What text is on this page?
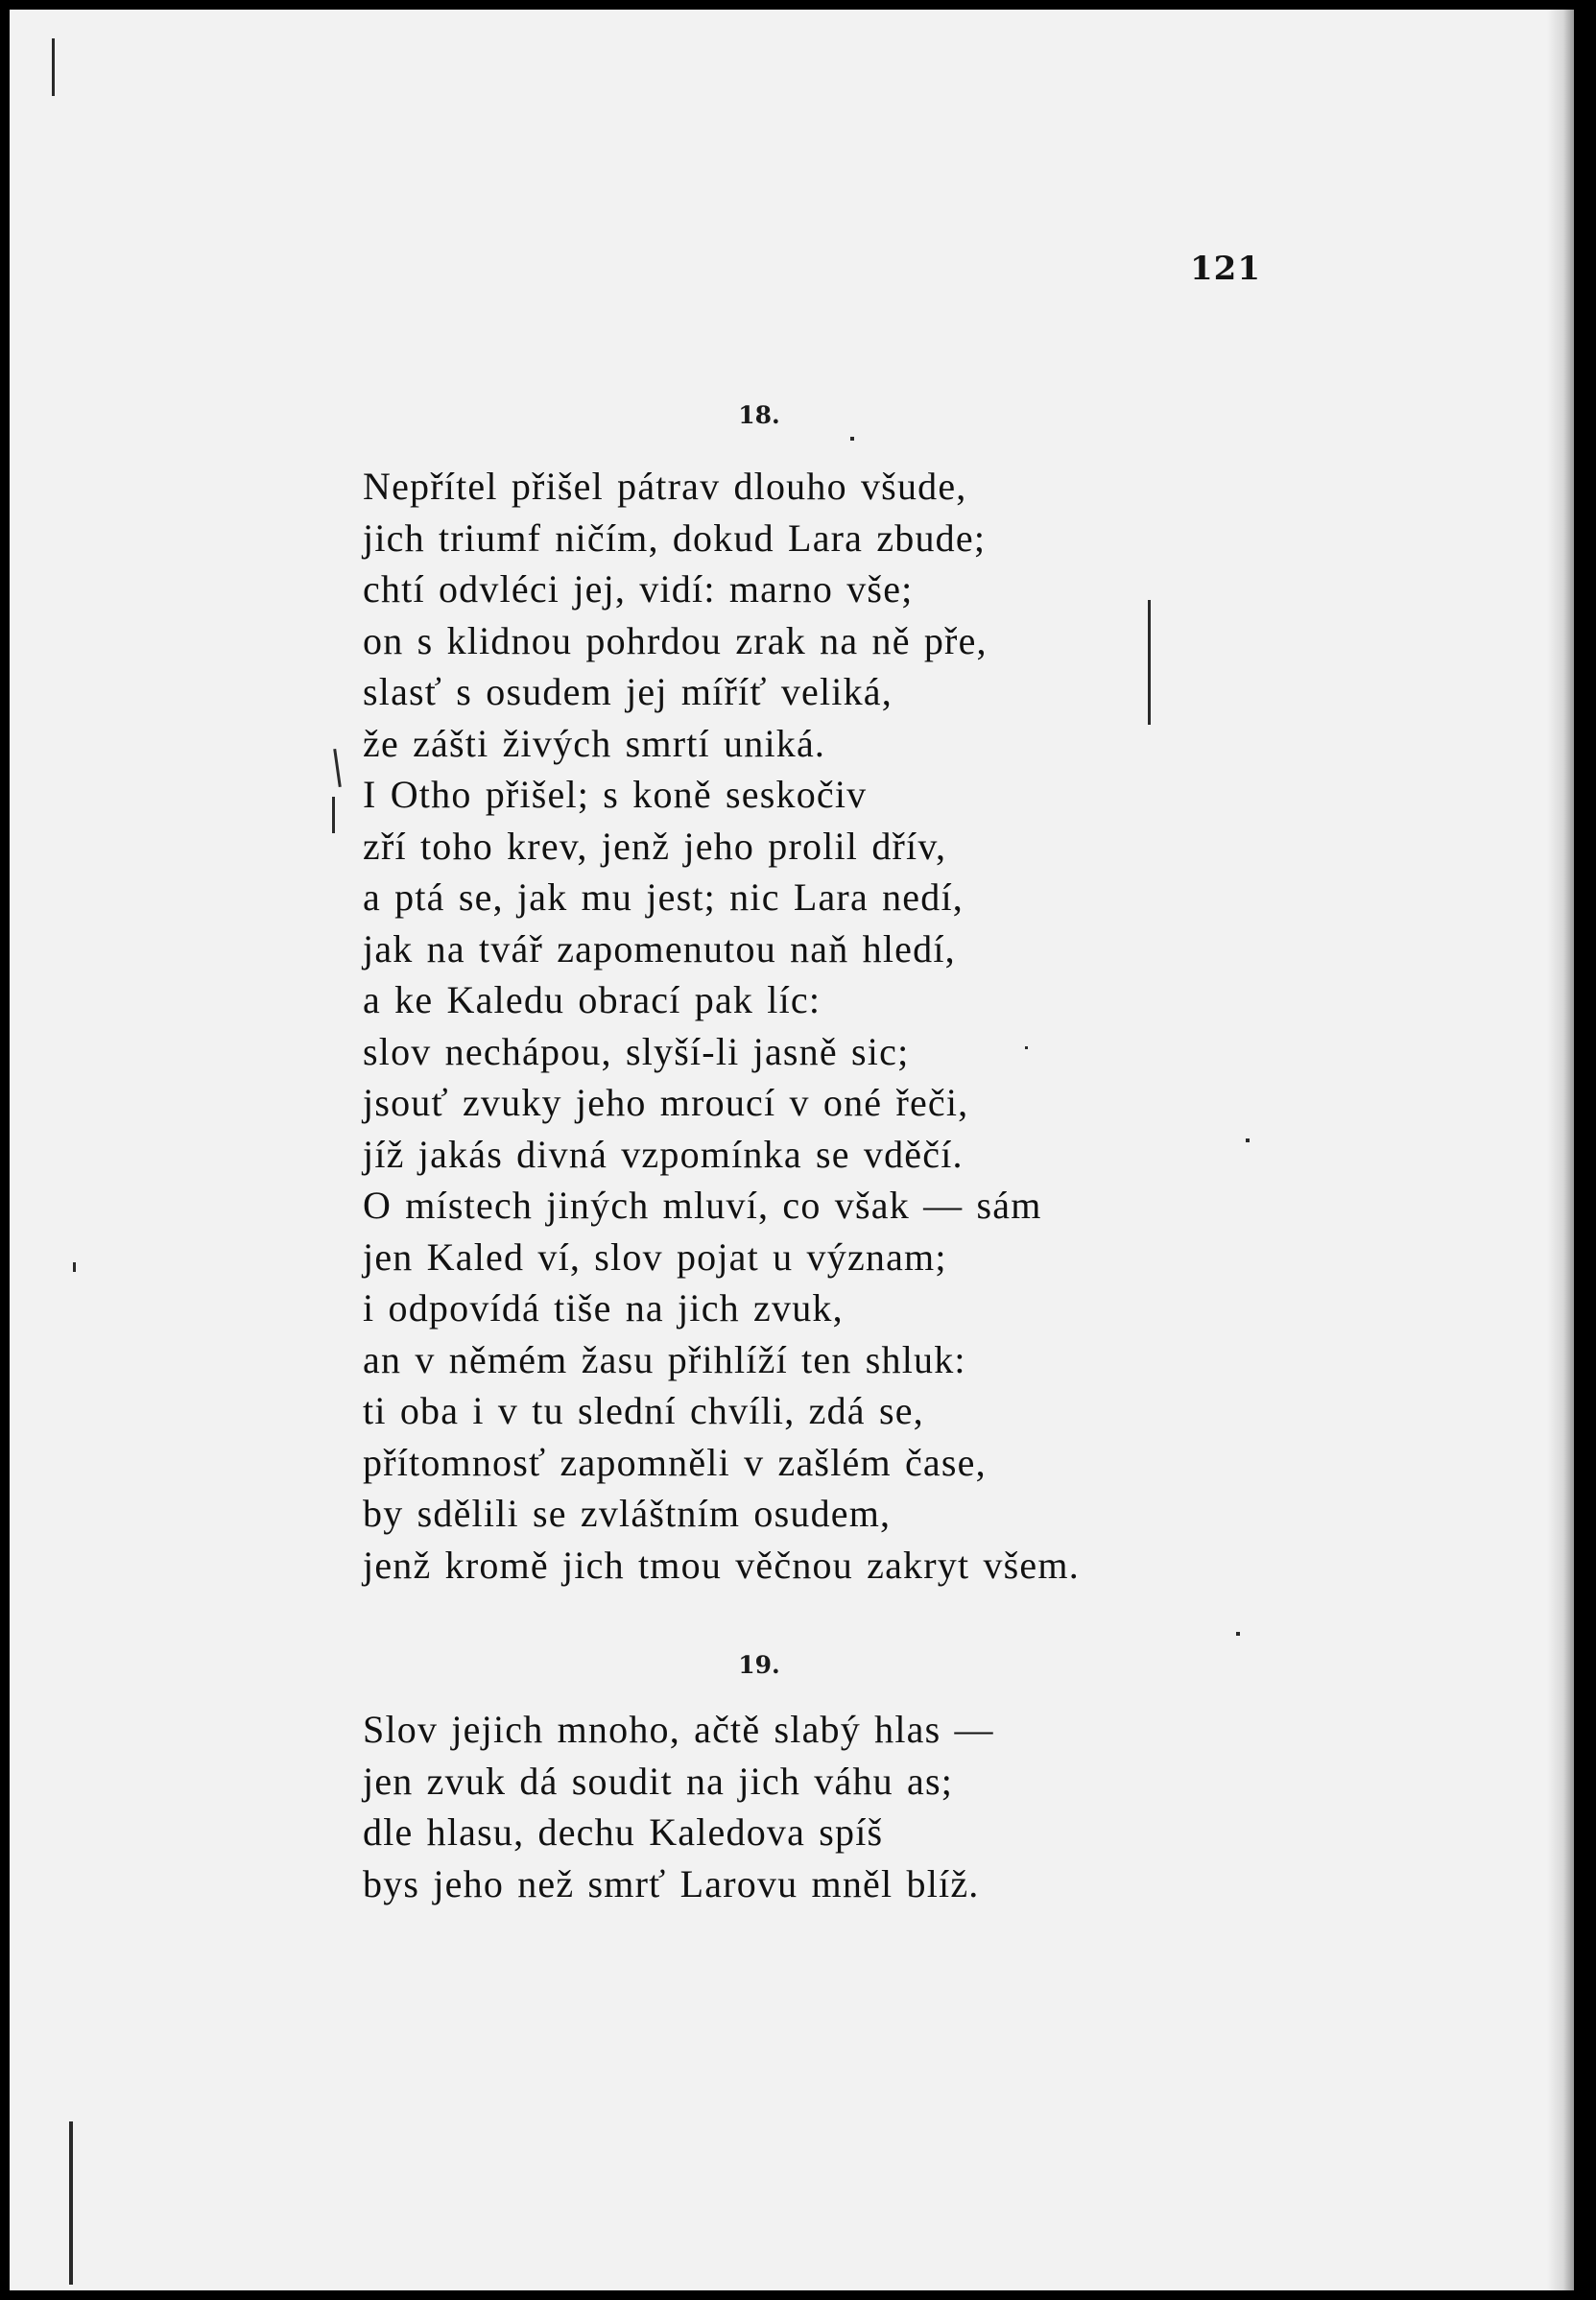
121
18.
Nepřítel přišel pátrav dlouho všude,
jich triumf ničím, dokud Lara zbude;
chtí odvléci jej, vidí: marno vše;
on s klidnou pohrdou zrak na ně pře,
slasť s osudem jej míříť veliká,
že zášti živých smrtí uniká.
I Otho přišel; s koně seskočiv
zří toho krev, jenž jeho prolil dřív,
a ptá se, jak mu jest; nic Lara nedí,
jak na tvář zapomenutou naň hledí,
a ke Kaledu obrací pak líc:
slov nechápou, slyší-li jasně sic;
jsouť zvuky jeho mroucí v oné řeči,
jíž jakás divná vzpomínka se vděčí.
O místech jiných mluví, co však — sám
jen Kaled ví, slov pojat u význam;
i odpovídá tiše na jich zvuk,
an v němém žasu přihlíží ten shluk:
ti oba i v tu slední chvíli, zdá se,
přítomnosť zapomněli v zašlém čase,
by sdělili se zvláštním osudem,
jenž kromě jich tmou věčnou zakryt všem.
19.
Slov jejich mnoho, ačtě slabý hlas —
jen zvuk dá soudit na jich váhu as;
dle hlasu, dechu Kaledova spíš
bys jeho než smrť Larovu mněl blíž.
